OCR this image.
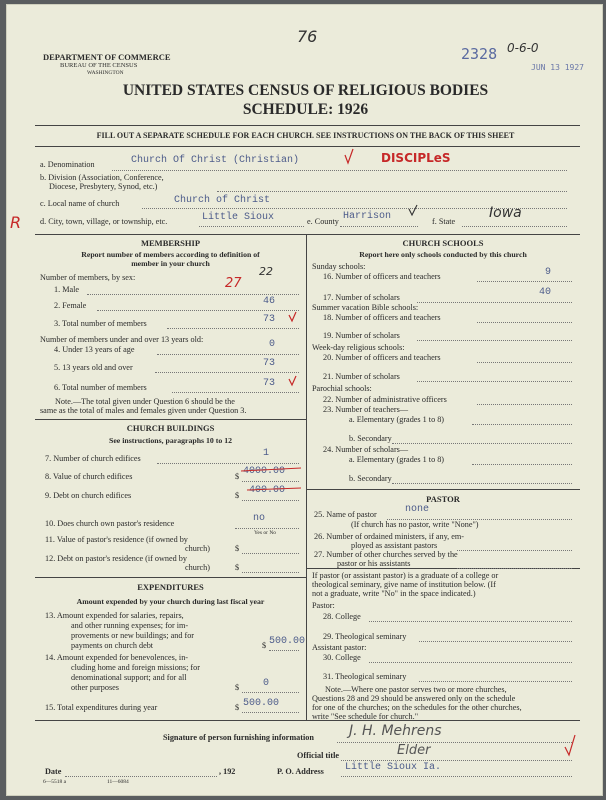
76
2328 0-6-0
JUN 13 1927
R
DEPARTMENT OF COMMERCE
BUREAU OF THE CENSUS
WASHINGTON
UNITED STATES CENSUS OF RELIGIOUS BODIES
SCHEDULE: 1926
FILL OUT A SEPARATE SCHEDULE FOR EACH CHURCH. SEE INSTRUCTIONS ON THE BACK OF THIS SHEET
a. Denomination	Church Of Christ (Christian)	DISCIPLeS
b. Division (Association, Conference,
Diocese, Presbytery, Synod, etc.)
c. Local name of church	Church of Christ
d. City, town, village, or township, etc.	Little Sioux	e. County Harrison	f. State
Iowa
MEMBERSHIP
Report number of members according to definition of
member in your church
Number of members, by sex:
1. Male	27
22
2. Female	46
3. Total number of members	73
Number of members under and over 13 years old:
4. Under 13 years of age	0
5. 13 years old and over	73
6. Total number of members	73
Note.—The total given under Question 6 should be the
same as the total of males and females given under Question 3.
CHURCH BUILDINGS
See instructions, paragraphs 10 to 12
7. Number of church edifices	1
8. Value of church edifices	$ 4000.00
9. Debt on church edifices	$ 400.00
10. Does church own pastor's residence	no
Yes or No
11. Value of pastor's residence (if owned by
church)	$
12. Debt on pastor's residence (if owned by
church)	$
EXPENDITURES
Amount expended by your church during last fiscal year
13. Amount expended for salaries, repairs,
and other running expenses; for im-
provements or new buildings; and for
payments on church debt	$ 500.00
14. Amount expended for benevolences, in-
cluding home and foreign missions; for
denominational support; and for all
other purposes	$ 0
15. Total expenditures during year	$ 500.00
CHURCH SCHOOLS
Report here only schools conducted by this church
Sunday schools:
16. Number of officers and teachers	9
17. Number of scholars	40
Summer vacation Bible schools:
18. Number of officers and teachers
19. Number of scholars
Week-day religious schools:
20. Number of officers and teachers
21. Number of scholars
Parochial schools:
22. Number of administrative officers
23. Number of teachers—
a. Elementary (grades 1 to 8)
b. Secondary
24. Number of scholars—
a. Elementary (grades 1 to 8)
b. Secondary
PASTOR
25. Name of pastor	none
(If church has no pastor, write "None")
26. Number of ordained ministers, if any, em-
ployed as assistant pastors
27. Number of other churches served by the
pastor or his assistants
If pastor (or assistant pastor) is a graduate of a college or
theological seminary, give name of institution below. (If
not a graduate, write "No" in the space indicated.)
Pastor:
28. College
29. Theological seminary
Assistant pastor:
30. College
31. Theological seminary
Note.—Where one pastor serves two or more churches,
Questions 28 and 29 should be answered only on the schedule
for one of the churches; on the schedules for the other churches,
write "See schedule for church."
Signature of person furnishing information	J. H. Mehrens
Official title	Elder
Date	, 192	P. O. Address Little Sioux Ia.
6—5518 a	11—6084
